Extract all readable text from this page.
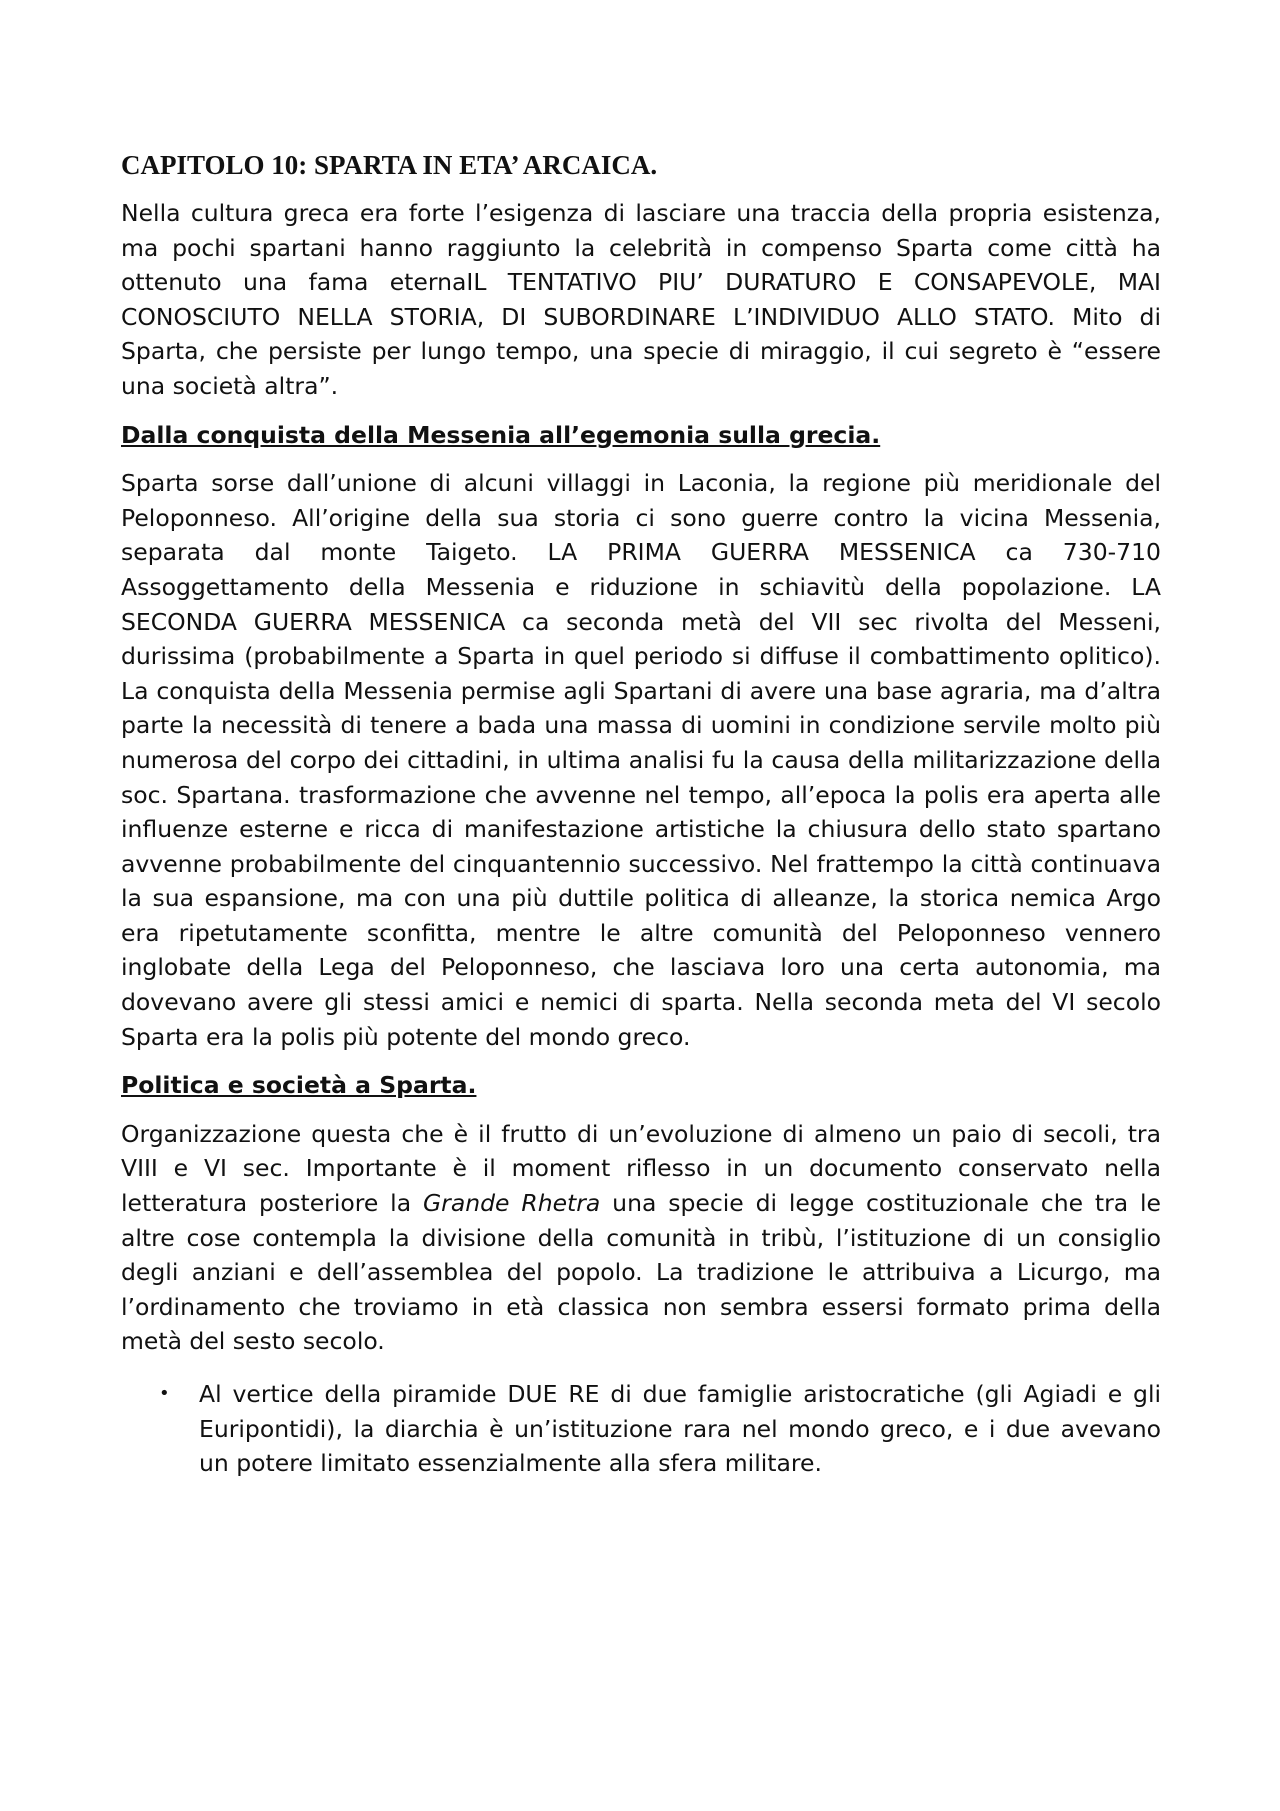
CAPITOLO 10: SPARTA IN ETA’ ARCAICA.

Nella cultura greca era forte l’esigenza di lasciare una traccia della propria esistenza, ma pochi spartani hanno raggiunto la celebrità in compenso Sparta come città ha ottenuto una fama eternaIL TENTATIVO PIU’ DURATURO E CONSAPEVOLE, MAI CONOSCIUTO NELLA STORIA, DI SUBORDINARE L’INDIVIDUO ALLO STATO. Mito di Sparta, che persiste per lungo tempo, una specie di miraggio, il cui segreto è “essere una società altra”.

Dalla conquista della Messenia all’egemonia sulla grecia.

Sparta sorse dall’unione di alcuni villaggi in Laconia, la regione più meridionale del Peloponneso. All’origine della sua storia ci sono guerre contro la vicina Messenia, separata dal monte Taigeto. LA PRIMA GUERRA MESSENICA ca 730-710 Assoggettamento della Messenia e riduzione in schiavitù della popolazione. LA SECONDA GUERRA MESSENICA ca seconda metà del VII sec rivolta del Messeni, durissima (probabilmente a Sparta in quel periodo si diffuse il combattimento oplitico). La conquista della Messenia permise agli Spartani di avere una base agraria, ma d’altra parte la necessità di tenere a bada una massa di uomini in condizione servile molto più numerosa del corpo dei cittadini, in ultima analisi fu la causa della militarizzazione della soc. Spartana. trasformazione che avvenne nel tempo, all’epoca la polis era aperta alle influenze esterne e ricca di manifestazione artistiche la chiusura dello stato spartano avvenne probabilmente del cinquantennio successivo. Nel frattempo la città continuava la sua espansione, ma con una più duttile politica di alleanze, la storica nemica Argo era ripetutamente sconfitta, mentre le altre comunità del Peloponneso vennero inglobate della Lega del Peloponneso, che lasciava loro una certa autonomia, ma dovevano avere gli stessi amici e nemici di sparta. Nella seconda meta del VI secolo Sparta era la polis più potente del mondo greco.

Politica e società a Sparta.

Organizzazione questa che è il frutto di un’evoluzione di almeno un paio di secoli, tra VIII e VI sec. Importante è il moment riflesso in un documento conservato nella letteratura posteriore la Grande Rhetra una specie di legge costituzionale che tra le altre cose contempla la divisione della comunità in tribù, l’istituzione di un consiglio degli anziani e dell’assemblea del popolo. La tradizione le attribuiva a Licurgo, ma l’ordinamento che troviamo in età classica non sembra essersi formato prima della metà del sesto secolo.

• Al vertice della piramide DUE RE di due famiglie aristocratiche (gli Agiadi e gli Euripontidi), la diarchia è un’istituzione rara nel mondo greco, e i due avevano un potere limitato essenzialmente alla sfera militare.
